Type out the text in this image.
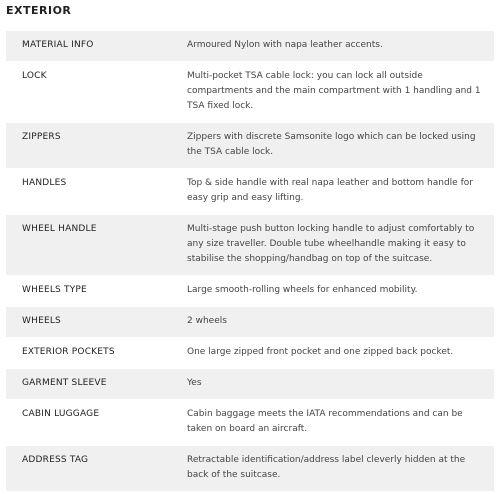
EXTERIOR
MATERIAL INFO	Armoured Nylon with napa leather accents.
LOCK	Multi-pocket TSA cable lock: you can lock all outside compartments and the main compartment with 1 handling and 1 TSA fixed lock.
ZIPPERS	Zippers with discrete Samsonite logo which can be locked using the TSA cable lock.
HANDLES	Top & side handle with real napa leather and bottom handle for easy grip and easy lifting.
WHEEL HANDLE	Multi-stage push button locking handle to adjust comfortably to any size traveller. Double tube wheelhandle making it easy to stabilise the shopping/handbag on top of the suitcase.
WHEELS TYPE	Large smooth-rolling wheels for enhanced mobility.
WHEELS	2 wheels
EXTERIOR POCKETS	One large zipped front pocket and one zipped back pocket.
GARMENT SLEEVE	Yes
CABIN LUGGAGE	Cabin baggage meets the IATA recommendations and can be taken on board an aircraft.
ADDRESS TAG	Retractable identification/address label cleverly hidden at the back of the suitcase.
